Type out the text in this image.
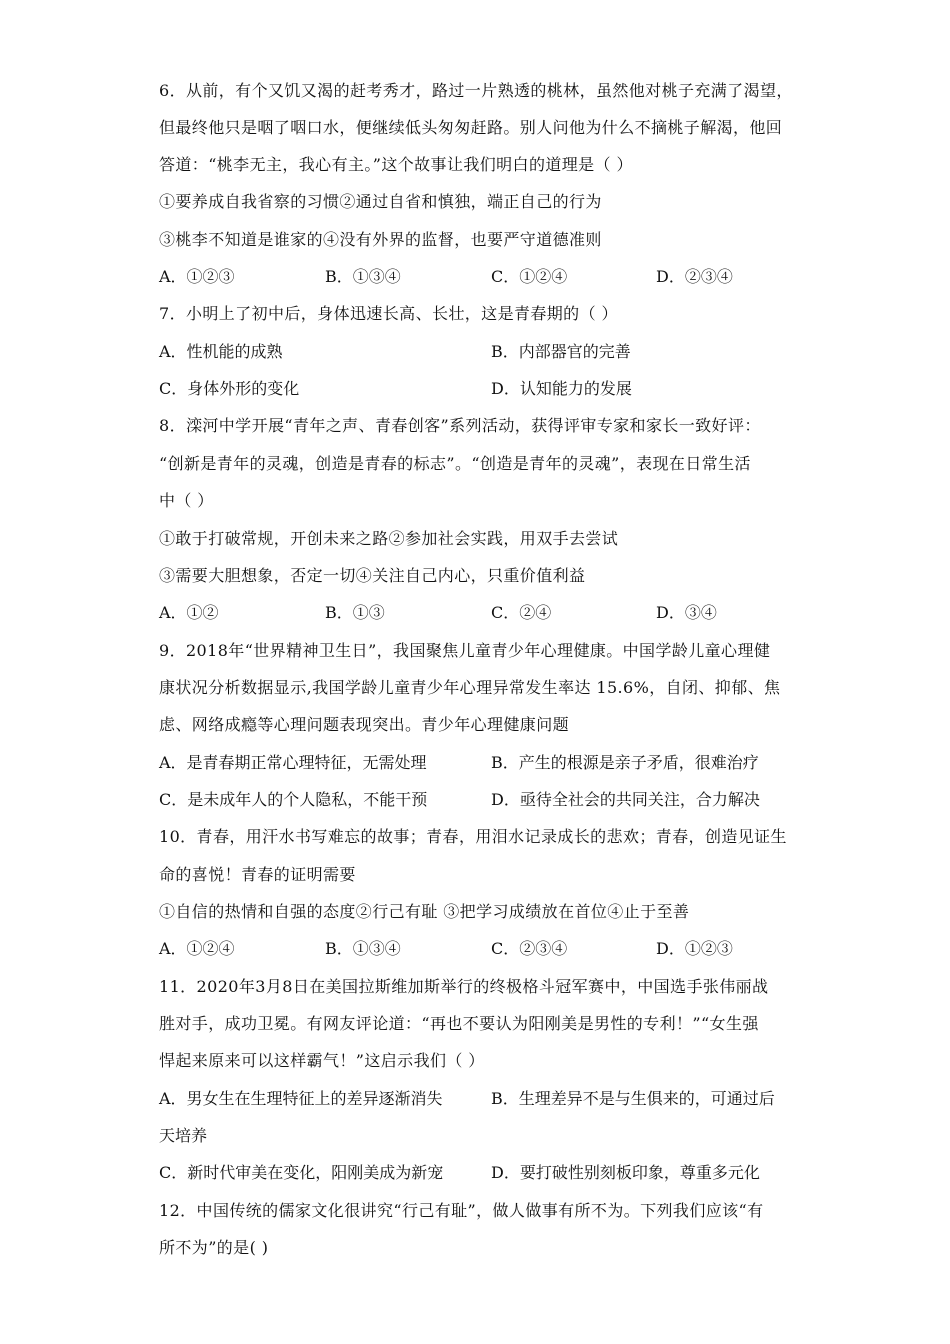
6．从前，有个又饥又渴的赶考秀才，路过一片熟透的桃林，虽然他对桃子充满了渴望，
但最终他只是咽了咽口水，便继续低头匆匆赶路。别人问他为什么不摘桃子解渴，他回
答道：“桃李无主，我心有主。”这个故事让我们明白的道理是（ ）
①要养成自我省察的习惯②通过自省和慎独，端正自己的行为
③桃李不知道是谁家的④没有外界的监督，也要严守道德准则
A．①②③	B．①③④	C．①②④	D．②③④
7．小明上了初中后，身体迅速长高、长壮，这是青春期的（ ）
A．性机能的成熟	B．内部器官的完善
C．身体外形的变化	D．认知能力的发展
8．滦河中学开展“青年之声、青春创客”系列活动，获得评审专家和家长一致好评：
“创新是青年的灵魂，创造是青春的标志”。“创造是青年的灵魂”，表现在日常生活
中（ ）
①敢于打破常规，开创未来之路②参加社会实践，用双手去尝试
③需要大胆想象，否定一切④关注自己内心，只重价值利益
A．①②	B．①③	C．②④	D．③④
9．2018年“世界精神卫生日”，我国聚焦儿童青少年心理健康。中国学龄儿童心理健
康状况分析数据显示,我国学龄儿童青少年心理异常发生率达 15.6%，自闭、抑郁、焦
虑、网络成瘾等心理问题表现突出。青少年心理健康问题
A．是青春期正常心理特征，无需处理	B．产生的根源是亲子矛盾，很难治疗
C．是未成年人的个人隐私，不能干预	D．亟待全社会的共同关注，合力解决
10．青春，用汗水书写难忘的故事；青春，用泪水记录成长的悲欢；青春，创造见证生
命的喜悦！青春的证明需要
①自信的热情和自强的态度②行己有耻 ③把学习成绩放在首位④止于至善
A．①②④	B．①③④	C．②③④	D．①②③
11．2020年3月8日在美国拉斯维加斯举行的终极格斗冠军赛中，中国选手张伟丽战
胜对手，成功卫冕。有网友评论道：“再也不要认为阳刚美是男性的专利！”“女生强
悍起来原来可以这样霸气！”这启示我们（ ）
A．男女生在生理特征上的差异逐渐消失	B．生理差异不是与生俱来的，可通过后
天培养
C．新时代审美在变化，阳刚美成为新宠	D．要打破性别刻板印象，尊重多元化
12．中国传统的儒家文化很讲究“行己有耻”，做人做事有所不为。下列我们应该“有
所不为”的是( )
